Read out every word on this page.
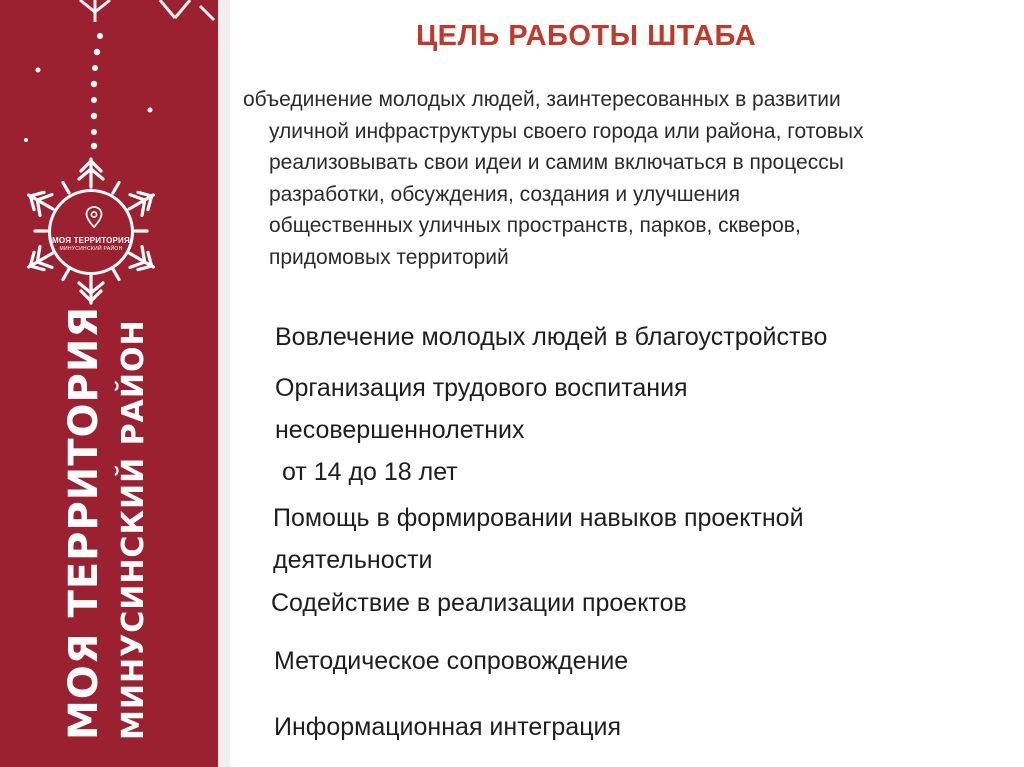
МОЯ ТЕРРИТОРИЯ
МИНУСИНСКИЙ РАЙОН
МОЯ ТЕРРИТОРИЯ МИНУСИНСКИЙ РАЙОН
ЦЕЛЬ РАБОТЫ ШТАБА
объединение молодых людей, заинтересованных в развитии
уличной инфраструктуры своего города или района, готовых
реализовывать свои идеи и самим включаться в процессы
разработки, обсуждения, создания и улучшения
общественных уличных пространств, парков, скверов,
придомовых территорий
Вовлечение молодых людей в благоустройство
Организация трудового воспитания
несовершеннолетних
от 14 до 18 лет
Помощь в формировании навыков проектной
деятельности
Содействие в реализации проектов
Методическое сопровождение
Информационная интеграция
